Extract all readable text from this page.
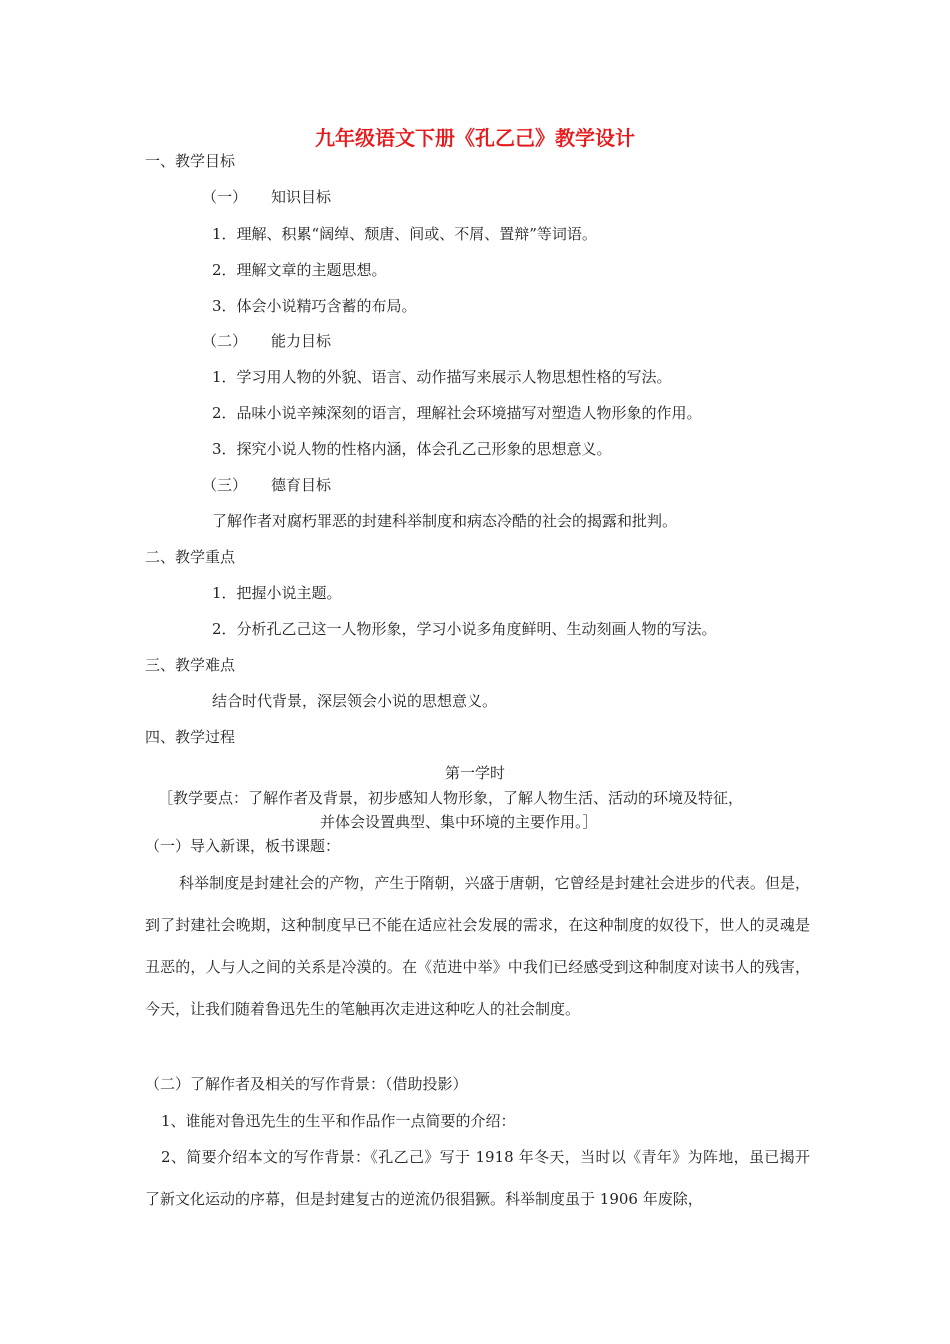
九年级语文下册《孔乙己》教学设计
一、教学目标
（一） 知识目标
1．理解、积累“阔绰、颓唐、间或、不屑、置辩”等词语。
2．理解文章的主题思想。
3．体会小说精巧含蓄的布局。
（二） 能力目标
1．学习用人物的外貌、语言、动作描写来展示人物思想性格的写法。
2．品味小说辛辣深刻的语言，理解社会环境描写对塑造人物形象的作用。
3．探究小说人物的性格内涵，体会孔乙己形象的思想意义。
（三） 德育目标
了解作者对腐朽罪恶的封建科举制度和病态冷酷的社会的揭露和批判。
二、教学重点
1．把握小说主题。
2．分析孔乙己这一人物形象，学习小说多角度鲜明、生动刻画人物的写法。
三、教学难点
结合时代背景，深层领会小说的思想意义。
四、教学过程
第一学时
［教学要点：了解作者及背景，初步感知人物形象，了解人物生活、活动的环境及特征，
并体会设置典型、集中环境的主要作用。］
（一）导入新课，板书课题：
科举制度是封建社会的产物，产生于隋朝，兴盛于唐朝，它曾经是封建社会进步的代表。但是，到了封建社会晚期，这种制度早已不能在适应社会发展的需求，在这种制度的奴役下，世人的灵魂是丑恶的，人与人之间的关系是冷漠的。在《范进中举》中我们已经感受到这种制度对读书人的残害，今天，让我们随着鲁迅先生的笔触再次走进这种吃人的社会制度。
（二）了解作者及相关的写作背景：（借助投影）
1、谁能对鲁迅先生的生平和作品作一点简要的介绍：
2、简要介绍本文的写作背景：《孔乙己》写于 1918 年冬天，当时以《青年》为阵地，虽已揭开了新文化运动的序幕，但是封建复古的逆流仍很猖獗。科举制度虽于 1906 年废除，
